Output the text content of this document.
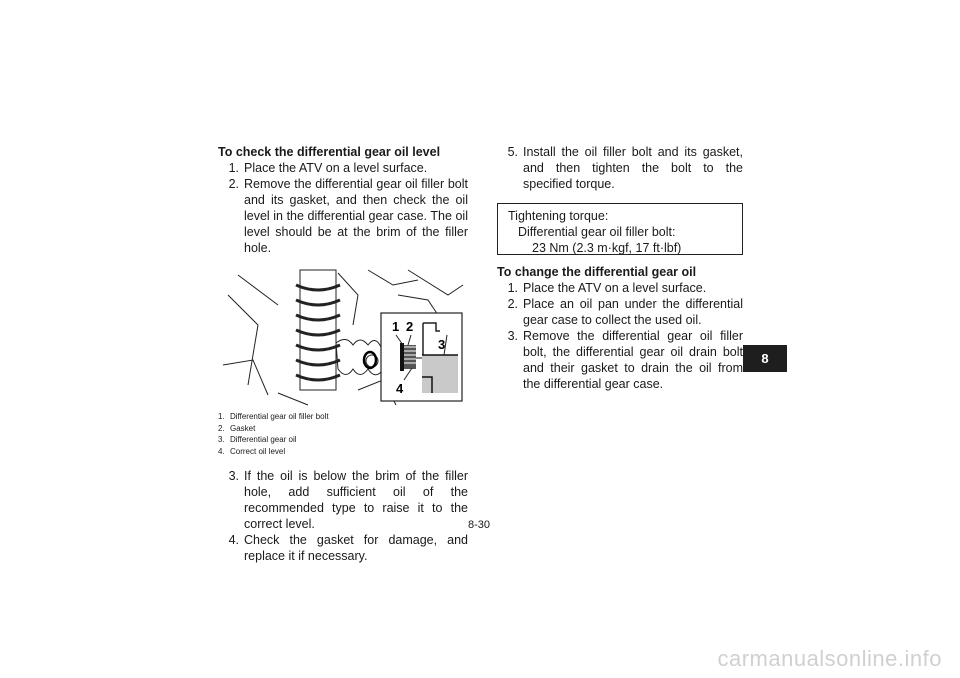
To check the differential gear oil level
1. Place the ATV on a level surface.
2. Remove the differential gear oil filler bolt and its gasket, and then check the oil level in the differential gear case. The oil level should be at the brim of the filler hole.
1 2
3
4
1. Differential gear oil filler bolt
2. Gasket
3. Differential gear oil
4. Correct oil level
3. If the oil is below the brim of the filler hole, add sufficient oil of the recommended type to raise it to the correct level.
4. Check the gasket for damage, and replace it if necessary.
5. Install the oil filler bolt and its gasket, and then tighten the bolt to the specified torque.
Tightening torque:
Differential gear oil filler bolt:
23 Nm (2.3 m·kgf, 17 ft·lbf)
To change the differential gear oil
1. Place the ATV on a level surface.
2. Place an oil pan under the differential gear case to collect the used oil.
3. Remove the differential gear oil filler bolt, the differential gear oil drain bolt and their gasket to drain the oil from the differential gear case.
8
8-30
carmanualsonline.info
